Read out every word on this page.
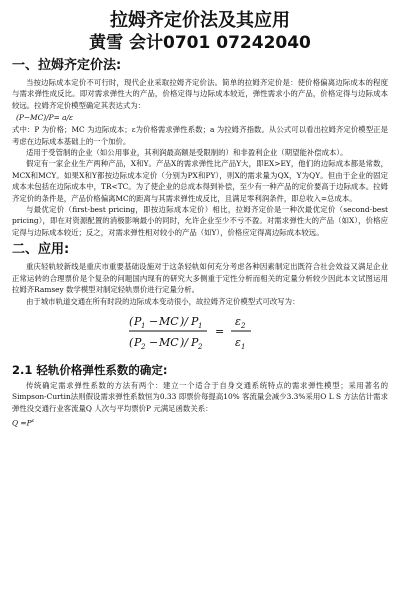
拉姆齐定价法及其应用
黄雪 会计0701 07242040
一、拉姆齐定价法:

当按边际成本定价不可行时，现代企业采取拉姆齐定价法。简单的拉姆齐定价是：使价格偏离边际成本的程度与需求弹性成反比。即对需求弹性大的产品，价格定得与边际成本较近，弹性需求小的产品，价格定得与边际成本较远。拉姆齐定价模型确定其表达式为：

(P−MC)/P= a/ε

式中：P 为价格；MC 为边际成本；ε为价格需求弹性系数；a 为拉姆齐指数。从公式可以看出拉姆齐定价模型正是考虑在边际成本基础上的一个加价。

适用于受管制的企业（如公用事业，其利润最高额是受限制的）和非盈利企业（期望能补偿成本）。

假定有一家企业生产两种产品，X和Y。产品X的需求弹性比产品Y大，即EX>EY，他们的边际成本都是常数，MCX和MCY。如果X和Y都按边际成本定价（分别为PX和PY），则X的需求量为QX，Y为QY。但由于企业的固定成本未包括在边际成本中，TR<TC。为了使企业的总成本得到补偿，至少有一种产品的定价要高于边际成本。拉姆齐定价的条件是，产品价格偏离MC的距离与其需求弹性成反比，且满足零利润条件，即总收入=总成本。

与最优定价（first-best pricing，即按边际成本定价）相比，拉姆齐定价是一种次最优定价（second-best pricing），即在对资源配置的消极影响最小的同时，允许企业至少不亏不盈。对需求弹性大的产品（如X），价格应定得与边际成本较近；反之，对需求弹性相对较小的产品（如Y），价格应定得离边际成本较远。

二、应用:

重庆轻轨较新线是重庆市重要基础设施对于这条轻轨如何充分考虑各种因素制定出既符合社会效益又满足企业正常运转的合理票价是个复杂的问题国内现有的研究大多侧重于定性分析而相关的定量分析较少因此本文试图运用拉姆齐Ramsey 数学模型对制定轻轨票价进行定量分析。

由于城市轨道交通在所有时段的边际成本变动很小，故拉姆齐定价模型式可改写为：

( P 1 − MC )/ P 1
( P 2 − MC )/ P 2
=
ε 2
ε 1
2.1 轻轨价格弹性系数的确定:

传统确定需求弹性系数的方法有两个：建立一个适合于自身交通系统特点的需求弹性模型；采用著名的Simpson-Curtin法则假设需求弹性系数恒为0.33 即票价每提高10% 客流量会减少3.3%采用O L S 方法估计需求弹性没交通行业客流量Q 人次与平均票价P 元满足函数关系：

$Q =P^\varepsilon$
